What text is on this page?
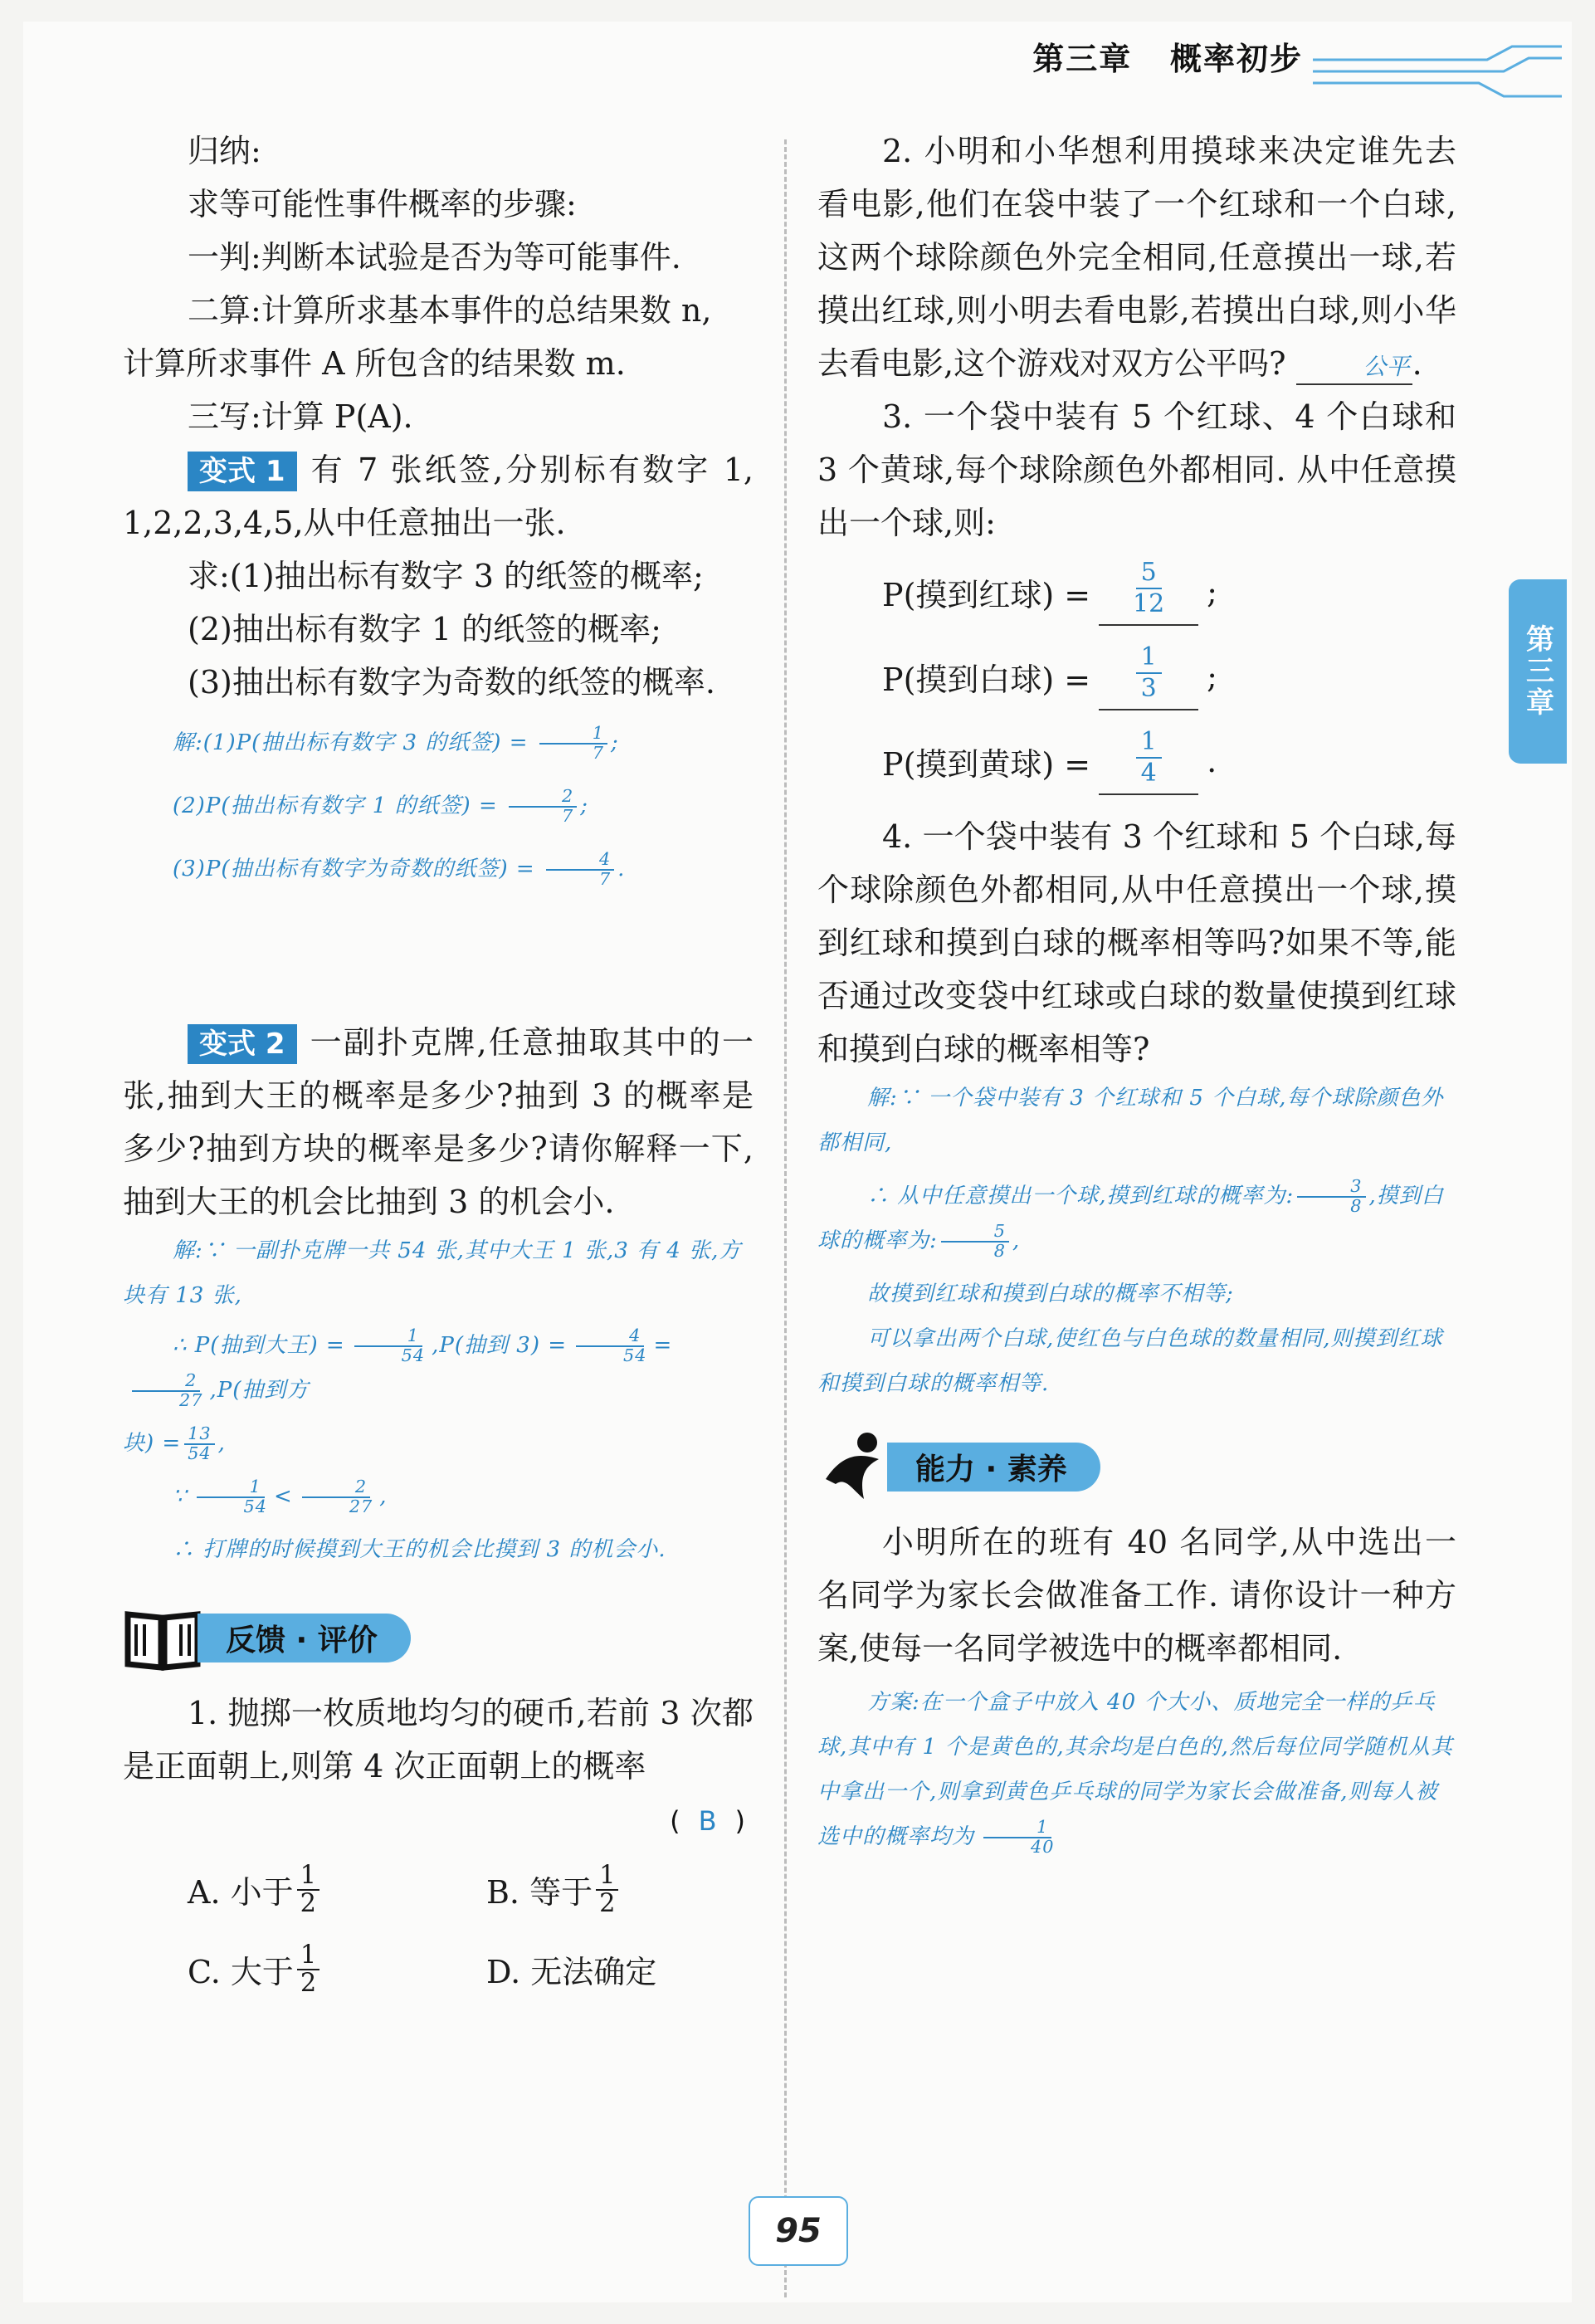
第三章 概率初步
第三章

归纳:

求等可能性事件概率的步骤:

一判:判断本试验是否为等可能事件.

二算:计算所求基本事件的总结果数 n,

计算所求事件 A 所包含的结果数 m.

三写:计算 P(A).

变式 1 有 7 张纸签,分别标有数字 1, 1,2,2,3,4,5,从中任意抽出一张.

求:(1)抽出标有数字 3 的纸签的概率;

(2)抽出标有数字 1 的纸签的概率;

(3)抽出标有数字为奇数的纸签的概率.

解:(1)P(抽出标有数字 3 的纸签) = $\frac{1}{7}$ ;

(2)P(抽出标有数字 1 的纸签) = $\frac{2}{7}$ ;

(3)P(抽出标有数字为奇数的纸签) = $\frac{4}{7}$ .

变式 2 一副扑克牌,任意抽取其中的一张,抽到大王的概率是多少?抽到 3 的概率是多少?抽到方块的概率是多少?请你解释一下,抽到大王的机会比抽到 3 的机会小.

解:∵ 一副扑克牌一共 54 张,其中大王 1 张,3 有 4 张,方块有 13 张,

∴ P(抽到大王) = $\frac{1}{54} ,P$(抽到 $3) = \frac{4}{54}$ =
$\frac{2}{27} ,P$(抽到方

块) = $\frac{13}{54}$ ,

∵ $\frac{1}{54} < \frac{2}{27}$ ,

∴ 打牌的时候摸到大王的机会比摸到 3 的机会小.

反馈 · 评价

1. 抛掷一枚质地均匀的硬币,若前 3 次都是正面朝上,则第 4 次正面朝上的概率

( B )
A. 小于 $\frac{1}{2}$	B. 等于 $\frac{1}{2}$
C. 大于 $\frac{1}{2}$	D. 无法确定

2. 小明和小华想利用摸球来决定谁先去看电影,他们在袋中装了一个红球和一个白球,这两个球除颜色外完全相同,任意摸出一球,若摸出红球,则小明去看电影,若摸出白球,则小华去看电影,这个游戏对双方公平吗?	公平.

3. 一个袋中装有 5 个红球、4 个白球和 3 个黄球,每个球除颜色外都相同. 从中任意摸出一个球,则:

P(摸到红球) = $\frac{5}{12}$ ;
P(摸到白球) = $\frac{1}{3}$ ;
P(摸到黄球) = $\frac{1}{4}$ .

4. 一个袋中装有 3 个红球和 5 个白球,每个球除颜色外都相同,从中任意摸出一个球,摸到红球和摸到白球的概率相等吗?如果不等,能否通过改变袋中红球或白球的数量使摸到红球和摸到白球的概率相等?

解:∵ 一个袋中装有 3 个红球和 5 个白球,每个球除颜色外都相同,

∴ 从中任意摸出一个球,摸到红球的概率为: $\frac{3}{8}$ ,摸到白球的概率为: $\frac{5}{8}$ ,

故摸到红球和摸到白球的概率不相等;

可以拿出两个白球,使红色与白色球的数量相同,则摸到红球和摸到白球的概率相等.

能力 · 素养

小明所在的班有 40 名同学,从中选出一名同学为家长会做准备工作. 请你设计一种方案,使每一名同学被选中的概率都相同.

方案:在一个盒子中放入 40 个大小、质地完全一样的乒乓球,其中有 1 个是黄色的,其余均是白色的,然后每位同学随机从其中拿出一个,则拿到黄色乒乓球的同学为家长会做准备,则每人被选中的概率均为 $\frac{1}{40}$

95
